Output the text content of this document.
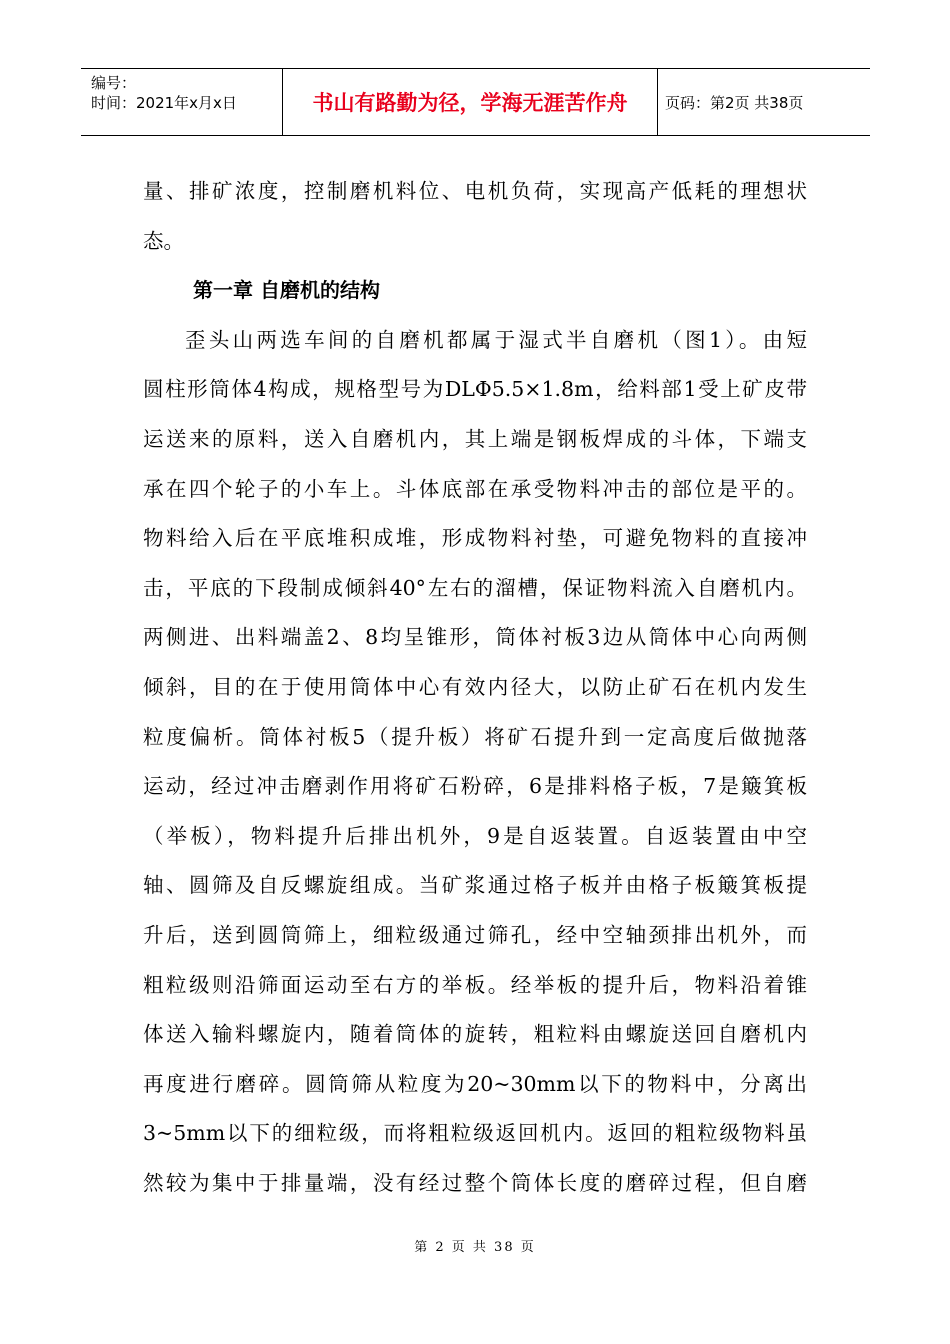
编号：
时间：2021年x月x日	书山有路勤为径，学海无涯苦作舟	页码：第2页 共38页

量、排矿浓度，控制磨机料位、电机负荷，实现高产低耗的理想状
态。

第一章 自磨机的结构

歪头山两选车间的自磨机都属于湿式半自磨机（图1）。由短
圆柱形筒体4构成，规格型号为DLΦ5.5×1.8m，给料部1受上矿皮带
运送来的原料，送入自磨机内，其上端是钢板焊成的斗体，下端支
承在四个轮子的小车上。斗体底部在承受物料冲击的部位是平的。
物料给入后在平底堆积成堆，形成物料衬垫，可避免物料的直接冲
击，平底的下段制成倾斜40°左右的溜槽，保证物料流入自磨机内。
两侧进、出料端盖2、8均呈锥形，筒体衬板3边从筒体中心向两侧
倾斜，目的在于使用筒体中心有效内径大，以防止矿石在机内发生
粒度偏析。筒体衬板5（提升板）将矿石提升到一定高度后做抛落
运动，经过冲击磨剥作用将矿石粉碎，6是排料格子板，7是簸箕板
（举板），物料提升后排出机外，9是自返装置。自返装置由中空
轴、圆筛及自反螺旋组成。当矿浆通过格子板并由格子板簸箕板提
升后，送到圆筒筛上，细粒级通过筛孔，经中空轴颈排出机外，而
粗粒级则沿筛面运动至右方的举板。经举板的提升后，物料沿着锥
体送入输料螺旋内，随着筒体的旋转，粗粒料由螺旋送回自磨机内
再度进行磨碎。圆筒筛从粒度为20~30mm以下的物料中，分离出
3~5mm以下的细粒级，而将粗粒级返回机内。返回的粗粒级物料虽
然较为集中于排量端，没有经过整个筒体长度的磨碎过程，但自磨

第 2 页 共 38 页
